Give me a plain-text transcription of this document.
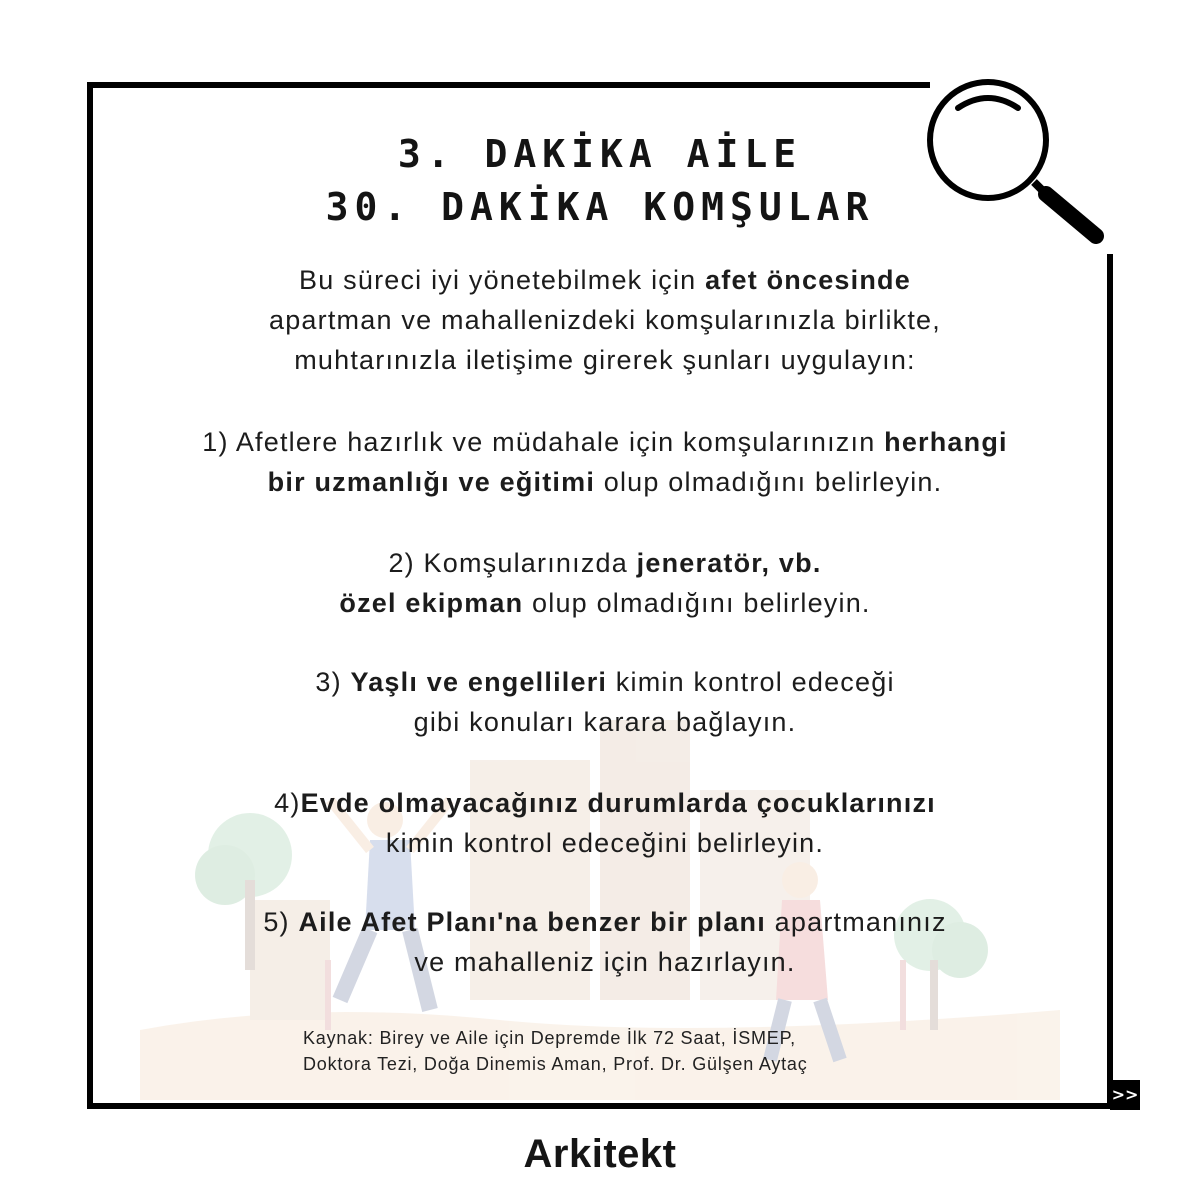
3. DAKİKA AİLE
30. DAKİKA KOMŞULAR
Bu süreci iyi yönetebilmek için afet öncesinde
apartman ve mahallenizdeki komşularınızla birlikte,
muhtarınızla iletişime girerek şunları uygulayın:
1) Afetlere hazırlık ve müdahale için komşularınızın herhangi
bir uzmanlığı ve eğitimi olup olmadığını belirleyin.
2) Komşularınızda jeneratör, vb.
özel ekipman olup olmadığını belirleyin.
3) Yaşlı ve engellileri kimin kontrol edeceği
gibi konuları karara bağlayın.
4)Evde olmayacağınız durumlarda çocuklarınızı
kimin kontrol edeceğini belirleyin.
5) Aile Afet Planı'na benzer bir planı apartmanınız
ve mahalleniz için hazırlayın.
Kaynak: Birey ve Aile için Depremde İlk 72 Saat, İSMEP,
Doktora Tezi, Doğa Dinemis Aman, Prof. Dr. Gülşen Aytaç
>>
Arkitekt
